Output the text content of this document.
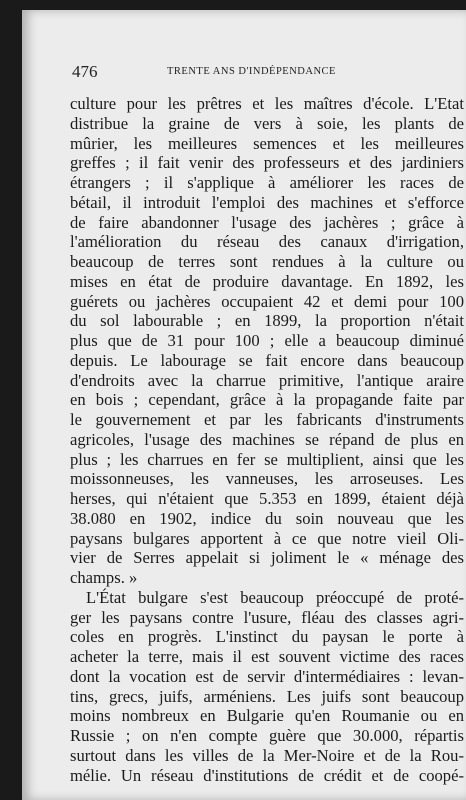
476	TRENTE ANS D'INDÉPENDANCE
culture pour les prêtres et les maîtres d'école. L'Etat
distribue la graine de vers à soie, les plants de
mûrier, les meilleures semences et les meilleures
greffes ; il fait venir des professeurs et des jardiniers
étrangers ; il s'applique à améliorer les races de
bétail, il introduit l'emploi des machines et s'efforce
de faire abandonner l'usage des jachères ; grâce à
l'amélioration du réseau des canaux d'irrigation,
beaucoup de terres sont rendues à la culture ou
mises en état de produire davantage. En 1892, les
guérets ou jachères occupaient 42 et demi pour 100
du sol labourable ; en 1899, la proportion n'était
plus que de 31 pour 100 ; elle a beaucoup diminué
depuis. Le labourage se fait encore dans beaucoup
d'endroits avec la charrue primitive, l'antique araire
en bois ; cependant, grâce à la propagande faite par
le gouvernement et par les fabricants d'instruments
agricoles, l'usage des machines se répand de plus en
plus ; les charrues en fer se multiplient, ainsi que les
moissonneuses, les vanneuses, les arroseuses. Les
herses, qui n'étaient que 5.353 en 1899, étaient déjà
38.080 en 1902, indice du soin nouveau que les
paysans bulgares apportent à ce que notre vieil Oli-
vier de Serres appelait si joliment le « ménage des
champs. »
L'État bulgare s'est beaucoup préoccupé de proté-
ger les paysans contre l'usure, fléau des classes agri-
coles en progrès. L'instinct du paysan le porte à
acheter la terre, mais il est souvent victime des races
dont la vocation est de servir d'intermédiaires : levan-
tins, grecs, juifs, arméniens. Les juifs sont beaucoup
moins nombreux en Bulgarie qu'en Roumanie ou en
Russie ; on n'en compte guère que 30.000, répartis
surtout dans les villes de la Mer-Noire et de la Rou-
mélie. Un réseau d'institutions de crédit et de coopé-
